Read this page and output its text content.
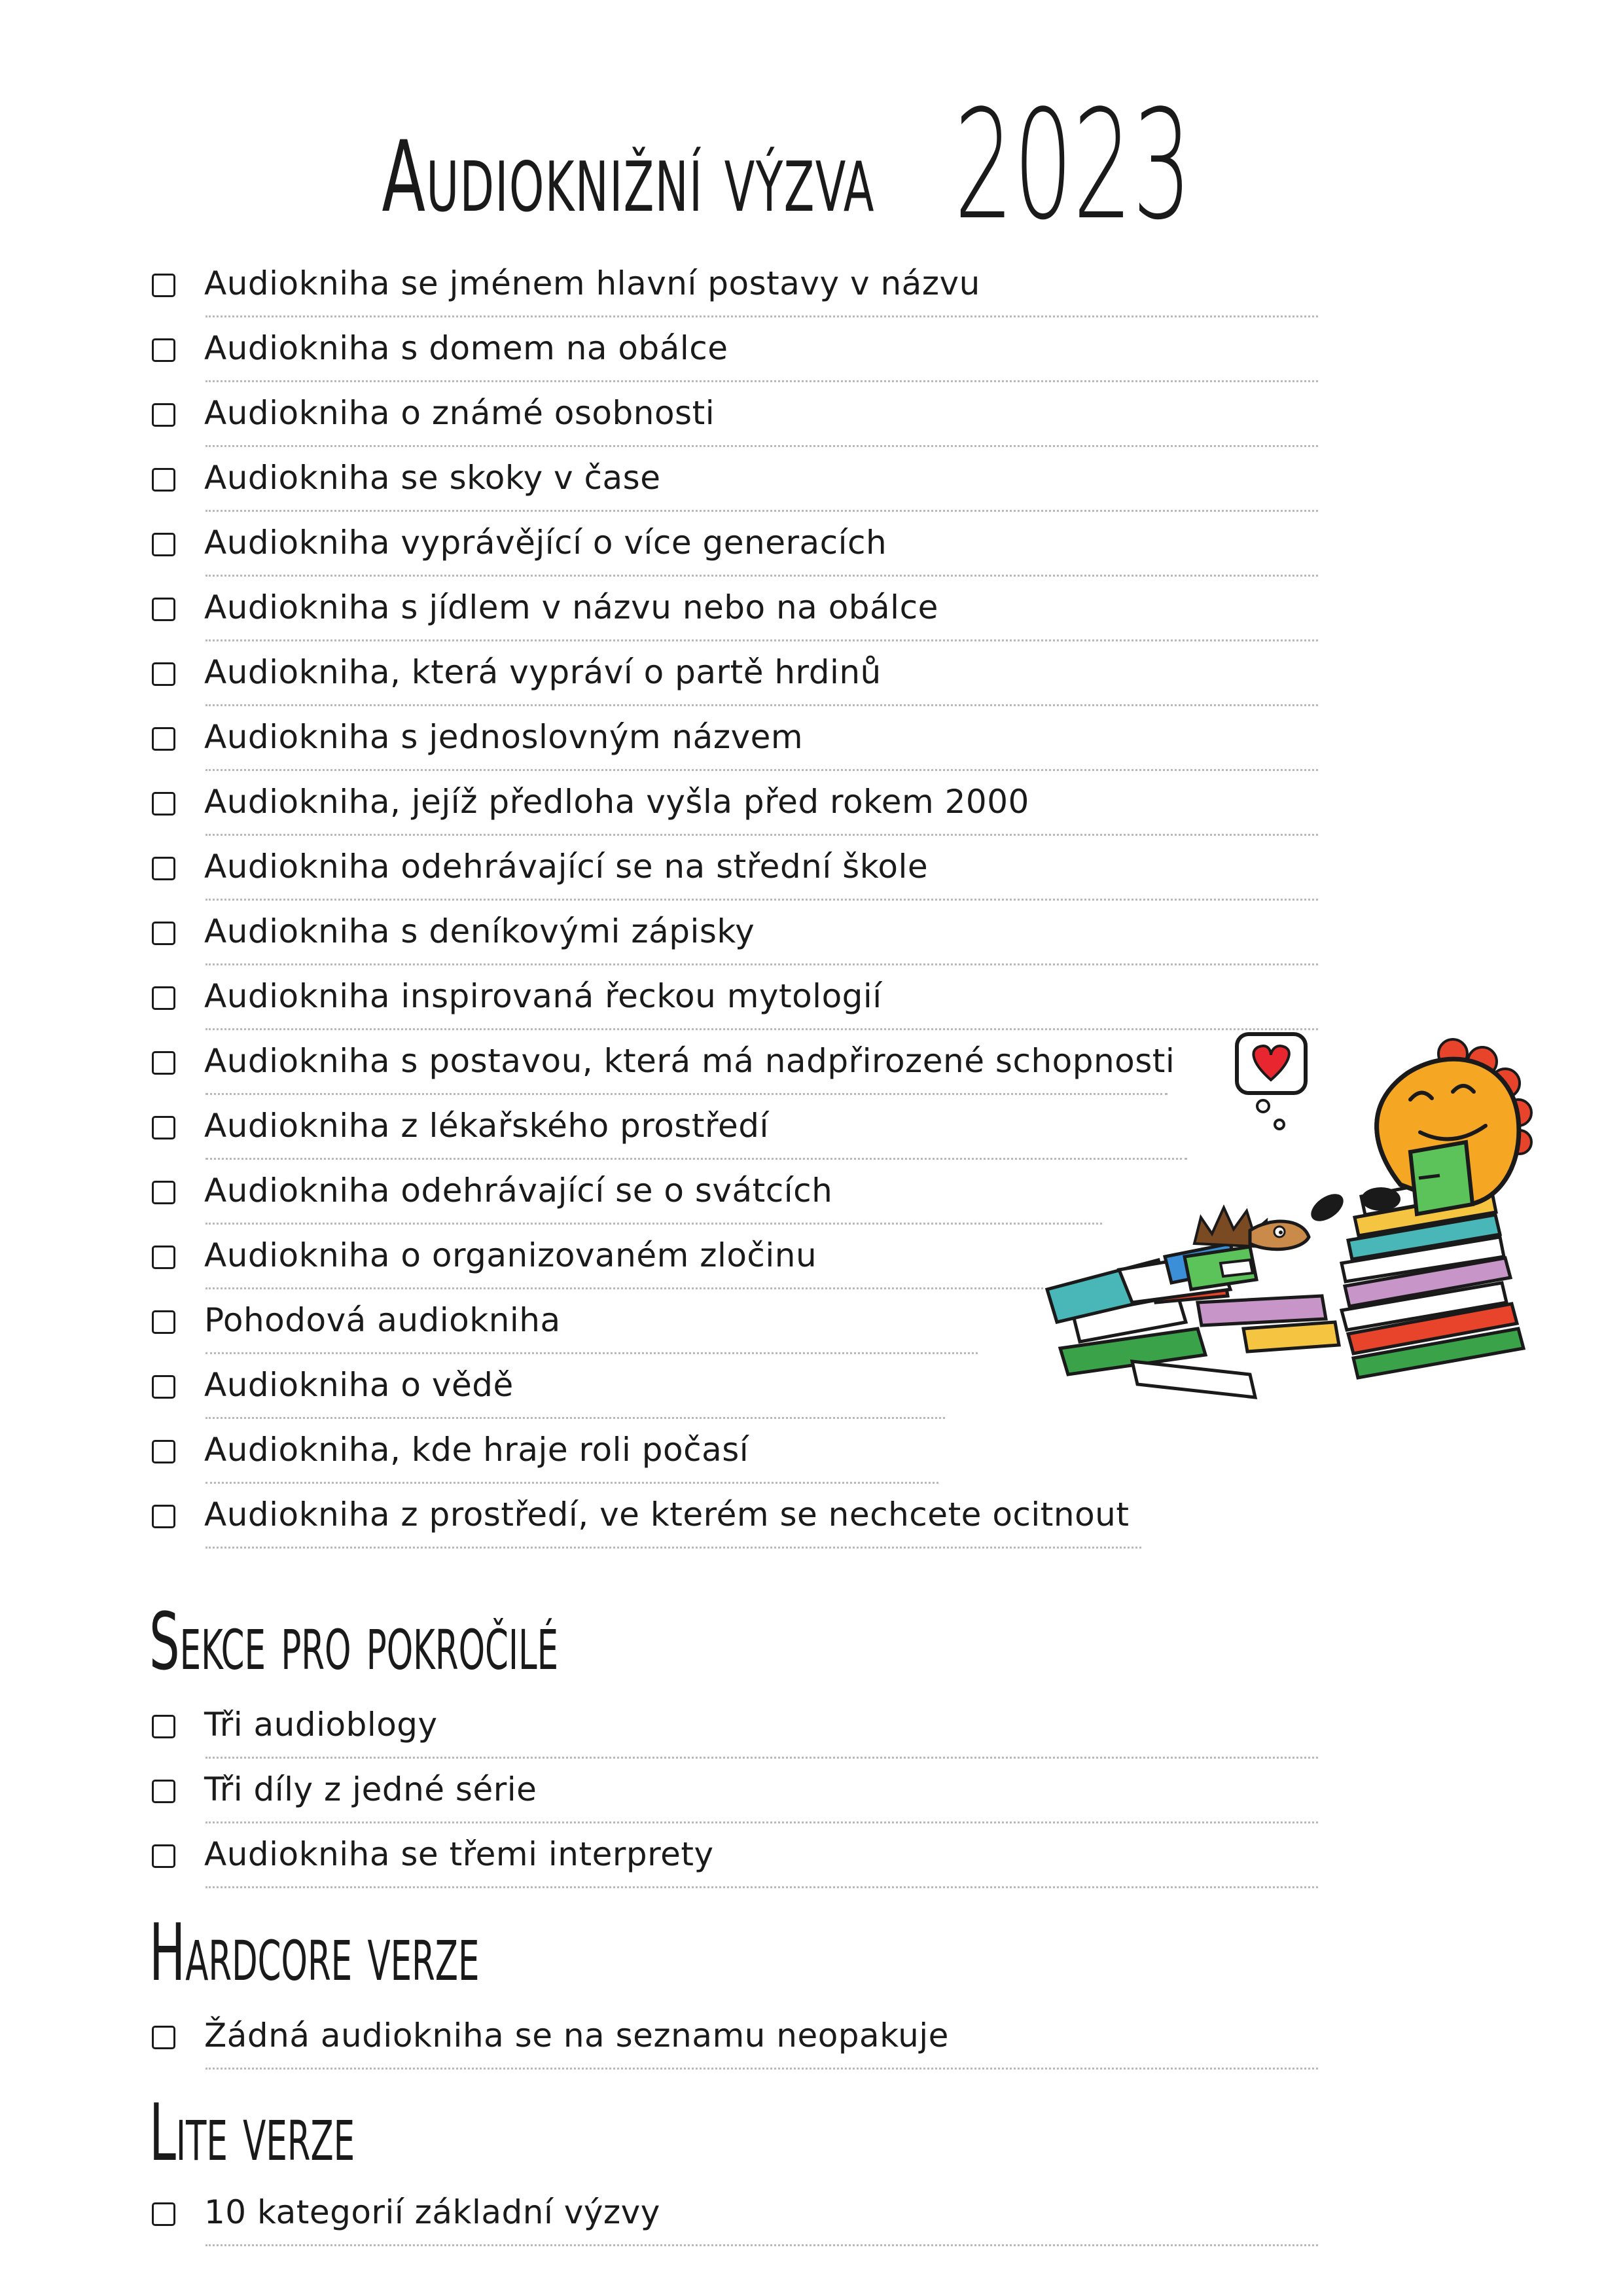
Audioknižní výzva 2023
Audiokniha se jménem hlavní postavy v názvu
Audiokniha s domem na obálce
Audiokniha o známé osobnosti
Audiokniha se skoky v čase
Audiokniha vyprávějící o více generacích
Audiokniha s jídlem v názvu nebo na obálce
Audiokniha, která vypráví o partě hrdinů
Audiokniha s jednoslovným názvem
Audiokniha, jejíž předloha vyšla před rokem 2000
Audiokniha odehrávající se na střední škole
Audiokniha s deníkovými zápisky
Audiokniha inspirovaná řeckou mytologií
Audiokniha s postavou, která má nadpřirozené schopnosti
Audiokniha z lékařského prostředí
Audiokniha odehrávající se o svátcích
Audiokniha o organizovaném zločinu
Pohodová audiokniha
Audiokniha o vědě
Audiokniha, kde hraje roli počasí
Audiokniha z prostředí, ve kterém se nechcete ocitnout
Sekce pro pokročilé
Tři audioblogy
Tři díly z jedné série
Audiokniha se třemi interprety
Hardcore verze
Žádná audiokniha se na seznamu neopakuje
Lite verze
10 kategorií základní výzvy
